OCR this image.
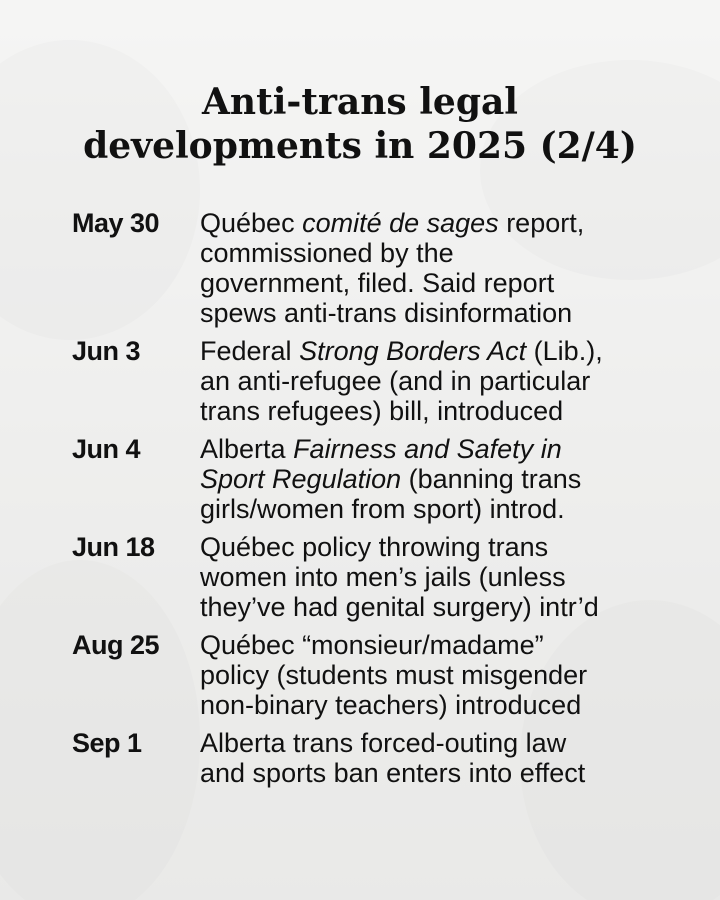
Anti-trans legal
developments in 2025 (2/4)
May 30	Québec comité de sages report,
commissioned by the
government, filed. Said report
spews anti-trans disinformation
Jun 3	Federal Strong Borders Act (Lib.),
an anti-refugee (and in particular
trans refugees) bill, introduced
Jun 4	Alberta Fairness and Safety in
Sport Regulation (banning trans
girls/women from sport) introd.
Jun 18	Québec policy throwing trans
women into men’s jails (unless
they’ve had genital surgery) intr’d
Aug 25	Québec “monsieur/madame”
policy (students must misgender
non-binary teachers) introduced
Sep 1	Alberta trans forced-outing law
and sports ban enters into effect
